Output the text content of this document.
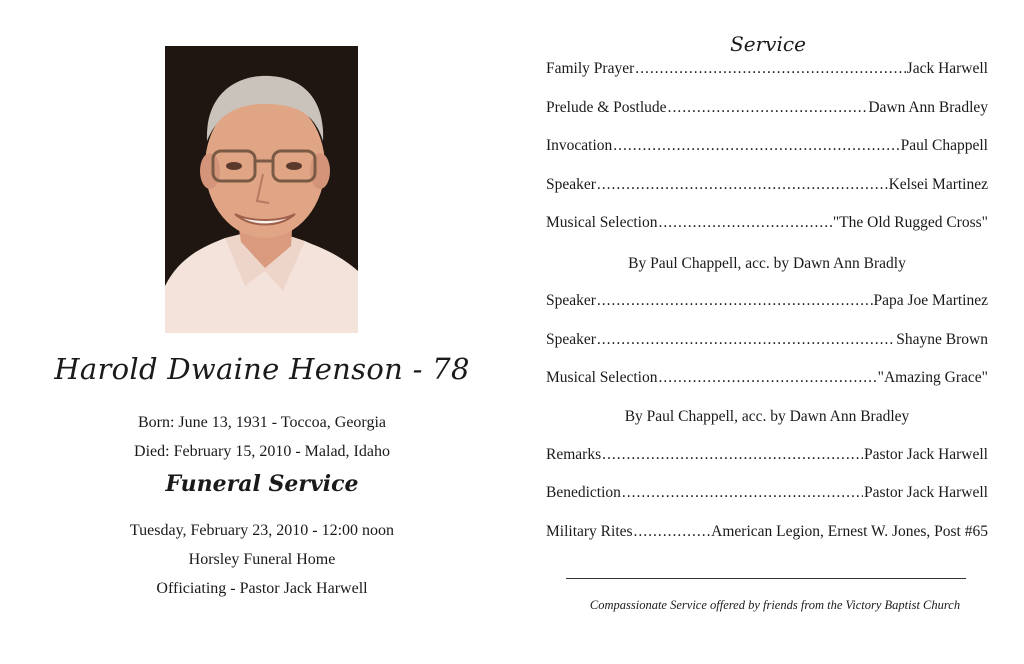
Harold Dwaine Henson - 78
Born: June 13, 1931 - Toccoa, Georgia
Died: February 15, 2010 - Malad, Idaho
Funeral Service
Tuesday, February 23, 2010 - 12:00 noon
Horsley Funeral Home
Officiating - Pastor Jack Harwell
Service
Family Prayer .....	Jack Harwell
Prelude & Postlude .....	Dawn Ann Bradley
Invocation .....	Paul Chappell
Speaker .....	Kelsei Martinez
Musical Selection .....	"The Old Rugged Cross"
By Paul Chappell, acc. by Dawn Ann Bradly
Speaker .....	Papa Joe Martinez
Speaker .....	Shayne Brown
Musical Selection .....	"Amazing Grace"
By Paul Chappell, acc. by Dawn Ann Bradley
Remarks .....	Pastor Jack Harwell
Benediction .....	Pastor Jack Harwell
Military Rites .....	American Legion, Ernest W. Jones, Post #65
Compassionate Service offered by friends from the Victory Baptist Church
